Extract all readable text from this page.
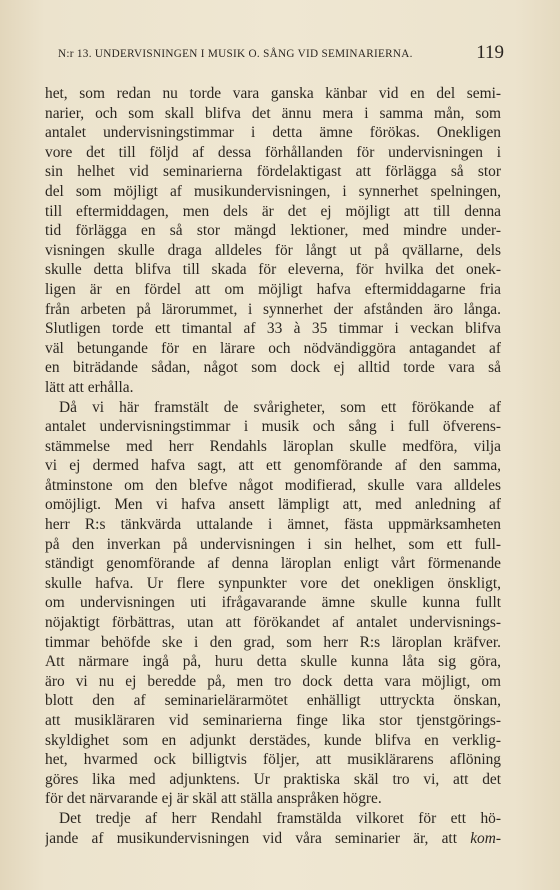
N:r 13. UNDERVISNINGEN I MUSIK O. SÅNG VID SEMINARIERNA.	119
het, som redan nu torde vara ganska känbar vid en del semi-
narier, och som skall blifva det ännu mera i samma mån, som
antalet undervisningstimmar i detta ämne förökas. Onekligen
vore det till följd af dessa förhållanden för undervisningen i
sin helhet vid seminarierna fördelaktigast att förlägga så stor
del som möjligt af musikundervisningen, i synnerhet spelningen,
till eftermiddagen, men dels är det ej möjligt att till denna
tid förlägga en så stor mängd lektioner, med mindre under-
visningen skulle draga alldeles för långt ut på qvällarne, dels
skulle detta blifva till skada för eleverna, för hvilka det onek-
ligen är en fördel att om möjligt hafva eftermiddagarne fria
från arbeten på lärorummet, i synnerhet der afstånden äro långa.
Slutligen torde ett timantal af 33 à 35 timmar i veckan blifva
väl betungande för en lärare och nödvändiggöra antagandet af
en biträdande sådan, något som dock ej alltid torde vara så
lätt att erhålla.
Då vi här framstält de svårigheter, som ett förökande af
antalet undervisningstimmar i musik och sång i full öfverens-
stämmelse med herr Rendahls läroplan skulle medföra, vilja
vi ej dermed hafva sagt, att ett genomförande af den samma,
åtminstone om den blefve något modifierad, skulle vara alldeles
omöjligt. Men vi hafva ansett lämpligt att, med anledning af
herr R:s tänkvärda uttalande i ämnet, fästa uppmärksamheten
på den inverkan på undervisningen i sin helhet, som ett full-
ständigt genomförande af denna läroplan enligt vårt förmenande
skulle hafva. Ur flere synpunkter vore det onekligen önskligt,
om undervisningen uti ifrågavarande ämne skulle kunna fullt
nöjaktigt förbättras, utan att förökandet af antalet undervisnings-
timmar behöfde ske i den grad, som herr R:s läroplan kräfver.
Att närmare ingå på, huru detta skulle kunna låta sig göra,
äro vi nu ej beredde på, men tro dock detta vara möjligt, om
blott den af seminarielärarmötet enhälligt uttryckta önskan,
att musikläraren vid seminarierna finge lika stor tjenstgörings-
skyldighet som en adjunkt derstädes, kunde blifva en verklig-
het, hvarmed ock billigtvis följer, att musiklärarens aflöning
göres lika med adjunktens. Ur praktiska skäl tro vi, att det
för det närvarande ej är skäl att ställa anspråken högre.
Det tredje af herr Rendahl framstälda vilkoret för ett hö-
jande af musikundervisningen vid våra seminarier är, att kom-
